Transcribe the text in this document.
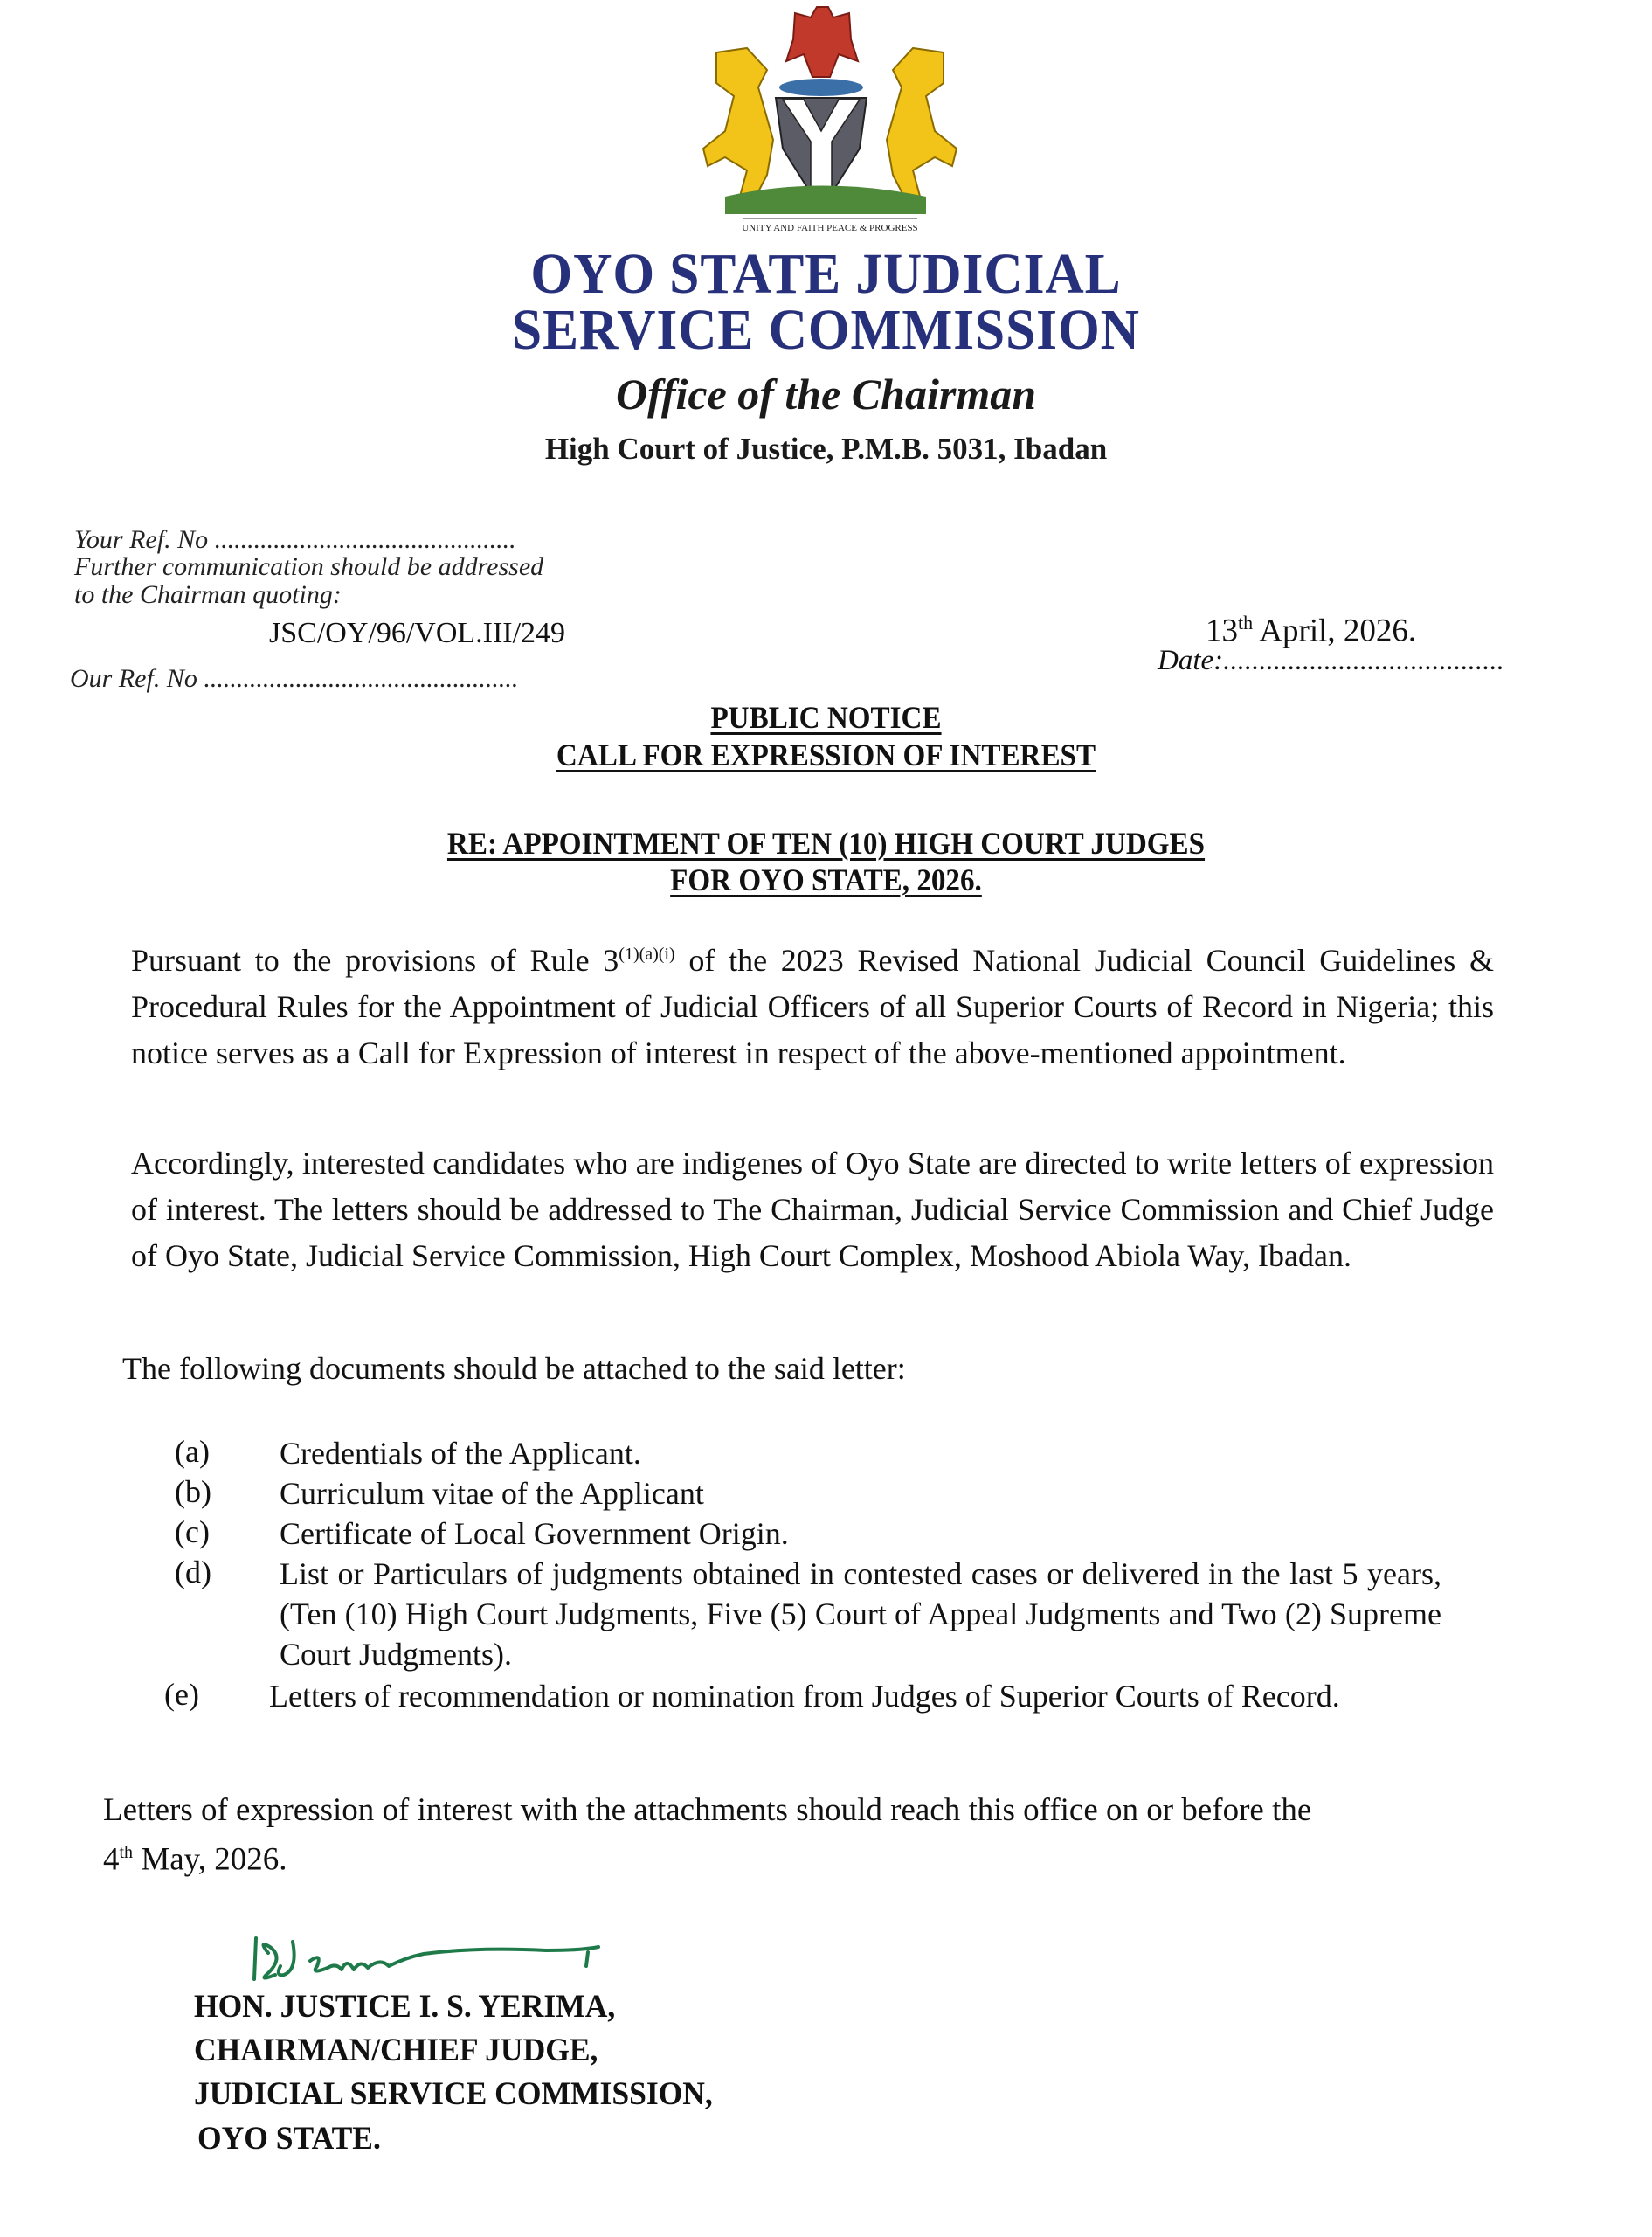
UNITY AND FAITH PEACE & PROGRESS
OYO STATE JUDICIAL
SERVICE COMMISSION
Office of the Chairman
High Court of Justice, P.M.B. 5031, Ibadan
Your Ref. No ..............................................
Further communication should be addressed
to the Chairman quoting:
JSC/OY/96/VOL.III/249
Our Ref. No ................................................
13th April, 2026.
Date:.......................................
PUBLIC NOTICE
CALL FOR EXPRESSION OF INTEREST
RE: APPOINTMENT OF TEN (10) HIGH COURT JUDGES
FOR OYO STATE, 2026.
Pursuant to the provisions of Rule $3^{(1)(a)(i)}$ of the 2023 Revised National Judicial Council Guidelines & Procedural Rules for the Appointment of Judicial Officers of all Superior Courts of Record in Nigeria; this notice serves as a Call for Expression of interest in respect of the above-mentioned appointment.
Accordingly, interested candidates who are indigenes of Oyo State are directed to write letters of expression of interest. The letters should be addressed to The Chairman, Judicial Service Commission and Chief Judge of Oyo State, Judicial Service Commission, High Court Complex, Moshood Abiola Way, Ibadan.
The following documents should be attached to the said letter:
(a) Credentials of the Applicant.
(b) Curriculum vitae of the Applicant
(c) Certificate of Local Government Origin.
(d) List or Particulars of judgments obtained in contested cases or delivered in the last 5 years, (Ten (10) High Court Judgments, Five (5) Court of Appeal Judgments and Two (2) Supreme Court Judgments).
(e) Letters of recommendation or nomination from Judges of Superior Courts of Record.
Letters of expression of interest with the attachments should reach this office on or before the
4th May, 2026.
HON. JUSTICE I. S. YERIMA,
CHAIRMAN/CHIEF JUDGE,
JUDICIAL SERVICE COMMISSION,
OYO STATE.
